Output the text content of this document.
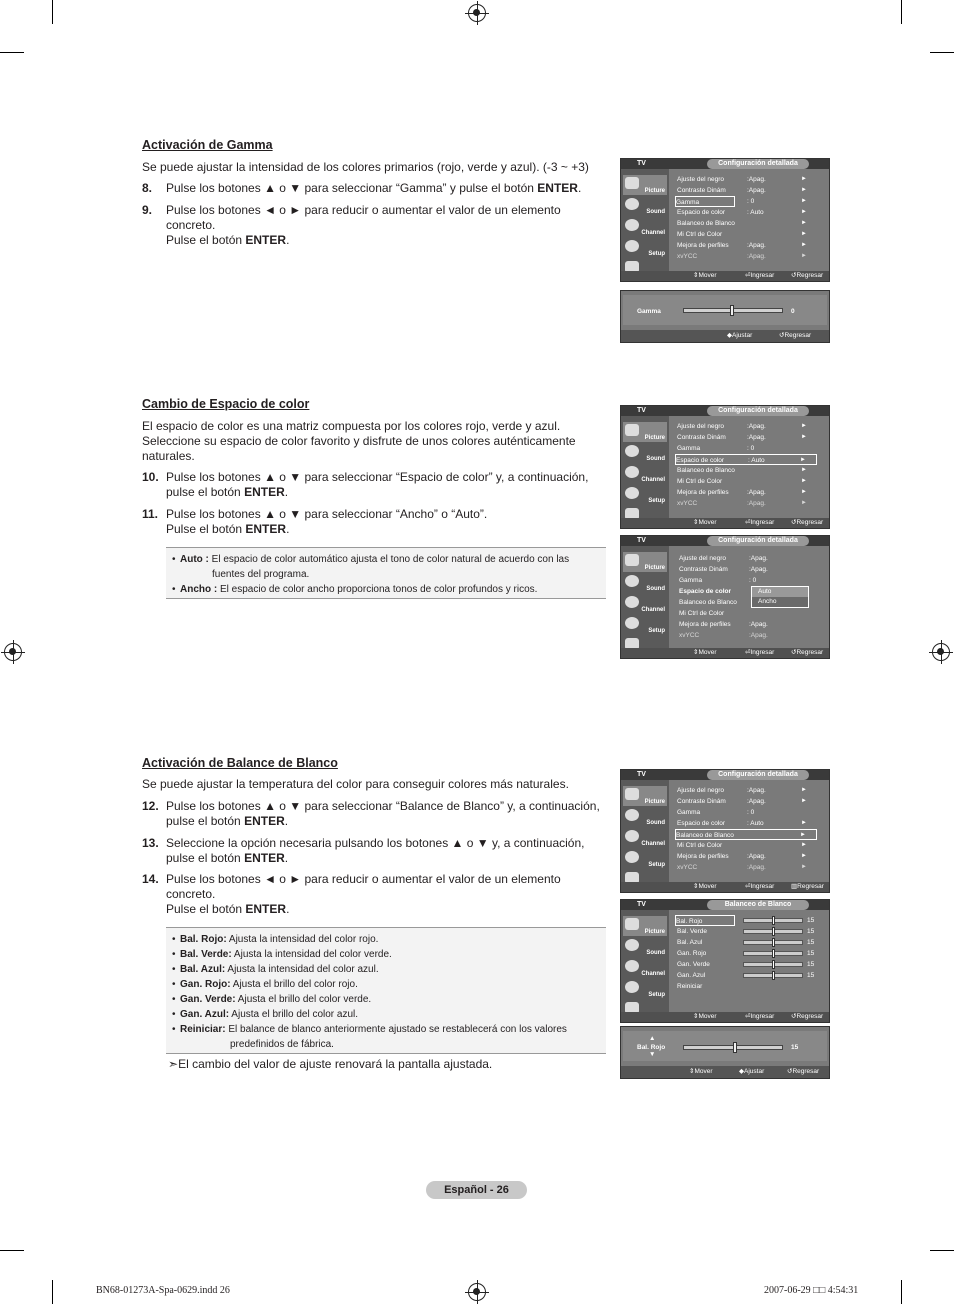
Activación de Gamma
Se puede ajustar la intensidad de los colores primarios (rojo, verde y azul). (-3 ~ +3)
8. Pulse los botones ▲ o ▼ para seleccionar “Gamma” y pulse el botón ENTER.
9. Pulse los botones ◄ o ► para reducir o aumentar el valor de un elemento
concreto.
Pulse el botón ENTER.
TV	Configuración detallada
Picture
Sound
Channel
Setup
Ajuste del negro	:Apag.	►
Contraste Dinám	:Apag.	►
Gamma	: 0	►
Espacio de color	: Auto	►
Balanceo de Blanco	►
Mi Ctrl de Color	►
Mejora de perfiles	:Apag.	►
xvYCC	:Apag.	►
⇕ Mover	⏎ Ingresar	↺ Regresar
Gamma	0
◆ Ajustar	↺ Regresar
Cambio de Espacio de color
El espacio de color es una matriz compuesta por los colores rojo, verde y azul.
Seleccione su espacio de color favorito y disfrute de unos colores auténticamente
naturales.
10. Pulse los botones ▲ o ▼ para seleccionar “Espacio de color” y, a continuación,
pulse el botón ENTER.
11. Pulse los botones ▲ o ▼ para seleccionar “Ancho” o “Auto”.
Pulse el botón ENTER.
• Auto : El espacio de color automático ajusta el tono de color natural de acuerdo con las
fuentes del programa.
• Ancho : El espacio de color ancho proporciona tonos de color profundos y ricos.
TV	Configuración detallada
Picture
Sound
Channel
Setup
Ajuste del negro	:Apag.	►
Contraste Dinám	:Apag.	►
Gamma	: 0
Espacio de color	: Auto	►
Balanceo de Blanco	►
Mi Ctrl de Color	►
Mejora de perfiles	:Apag.	►
xvYCC	:Apag.	►
⇕ Mover	⏎ Ingresar	↺ Regresar
TV	Configuración detallada
Picture
Sound
Channel
Setup
Ajuste del negro	:Apag.
Contraste Dinám	:Apag.
Gamma	: 0
Espacio de color
Balanceo de Blanco
Mi Ctrl de Color
Mejora de perfiles	:Apag.
xvYCC	:Apag.
Auto
Ancho
⇕ Mover	⏎ Ingresar	↺ Regresar
Activación de Balance de Blanco
Se puede ajustar la temperatura del color para conseguir colores más naturales.
12. Pulse los botones ▲ o ▼ para seleccionar “Balance de Blanco” y, a continuación,
pulse el botón ENTER.
13. Seleccione la opción necesaria pulsando los botones ▲ o ▼ y, a continuación,
pulse el botón ENTER.
14. Pulse los botones ◄ o ► para reducir o aumentar el valor de un elemento
concreto.
Pulse el botón ENTER.
• Bal. Rojo: Ajusta la intensidad del color rojo.
• Bal. Verde: Ajusta la intensidad del color verde.
• Bal. Azul: Ajusta la intensidad del color azul.
• Gan. Rojo: Ajusta el brillo del color rojo.
• Gan. Verde: Ajusta el brillo del color verde.
• Gan. Azul: Ajusta el brillo del color azul.
• Reiniciar: El balance de blanco anteriormente ajustado se restablecerá con los valores
predefinidos de fábrica.
➣El cambio del valor de ajuste renovará la pantalla ajustada.
TV	Configuración detallada
Picture
Sound
Channel
Setup
Ajuste del negro	:Apag.	►
Contraste Dinám	:Apag.	►
Gamma	: 0
Espacio de color	: Auto	►
Balanceo de Blanco	►
Mi Ctrl de Color	►
Mejora de perfiles	:Apag.	►
xvYCC	:Apag.	►
⇕ Mover	⏎ Ingresar	▥ Regresar
TV	Balanceo de Blanco
Picture
Sound
Channel
Setup
Bal. Rojo	15
Bal. Verde	15
Bal. Azul	15
Gan. Rojo	15
Gan. Verde	15
Gan. Azul	15
Reiniciar
⇕ Mover	⏎ Ingresar	↺ Regresar
▲
Bal. Rojo
▼
15
⇕ Mover	◆ Ajustar	↺ Regresar
Español - 26
BN68-01273A-Spa-0629.indd 26	2007-06-29 □□ 4:54:31
